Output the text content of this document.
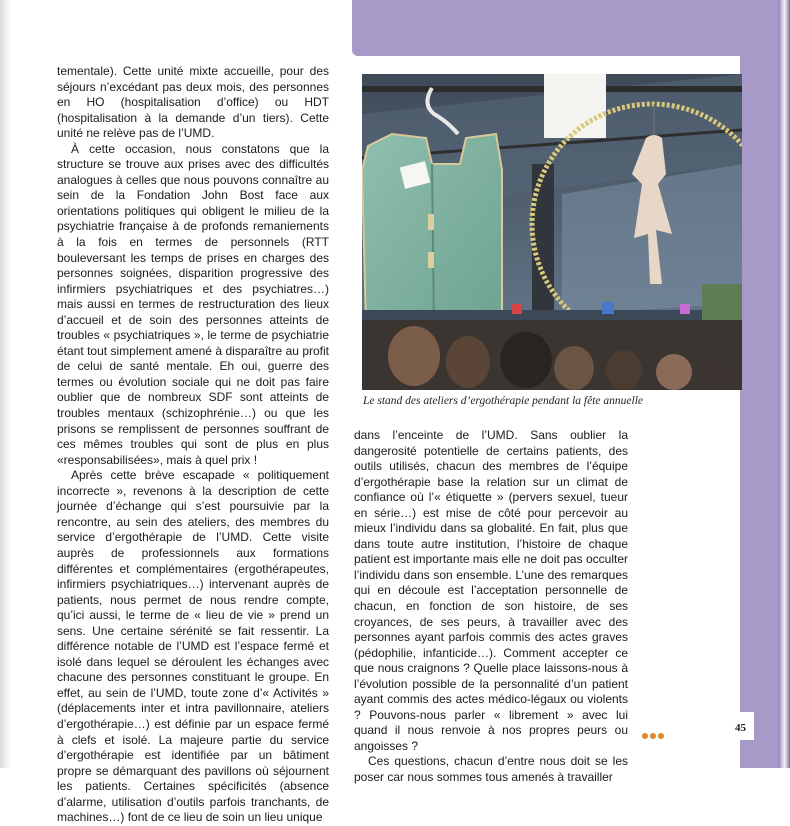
tementale). Cette unité mixte accueille, pour des séjours n’excédant pas deux mois, des personnes en HO (hospitalisation d’office) ou HDT (hospitalisation à la demande d’un tiers). Cette unité ne relève pas de l’UMD.

À cette occasion, nous constatons que la structure se trouve aux prises avec des difficultés analogues à celles que nous pouvons connaître au sein de la Fondation John Bost face aux orientations politiques qui obligent le milieu de la psychiatrie française à de profonds remaniements à la fois en termes de personnels (RTT bouleversant les temps de prises en charges des personnes soignées, disparition progressive des infirmiers psychiatriques et des psychiatres…) mais aussi en termes de restructuration des lieux d’accueil et de soin des personnes atteints de troubles « psychiatriques », le terme de psychiatrie étant tout simplement amené à disparaître au profit de celui de santé mentale. Eh oui, guerre des termes ou évolution sociale qui ne doit pas faire oublier que de nombreux SDF sont atteints de troubles mentaux (schizophrénie…) ou que les prisons se remplissent de personnes souffrant de ces mêmes troubles qui sont de plus en plus «responsabilisées», mais à quel prix !

Après cette brève escapade « politiquement incorrecte », revenons à la description de cette journée d’échange qui s’est poursuivie par la rencontre, au sein des ateliers, des membres du service d’ergothérapie de l’UMD. Cette visite auprès de professionnels aux formations différentes et complémentaires (ergothérapeutes, infirmiers psychiatriques…) intervenant auprès de patients, nous permet de nous rendre compte, qu’ici aussi, le terme de « lieu de vie » prend un sens. Une certaine sérénité se fait ressentir. La différence notable de l’UMD est l’espace fermé et isolé dans lequel se déroulent les échanges avec chacune des personnes constituant le groupe. En effet, au sein de l’UMD, toute zone d’« Activités » (déplacements inter et intra pavillonnaire, ateliers d’ergothérapie…) est définie par un espace fermé à clefs et isolé. La majeure partie du service d’ergothérapie est identifiée par un bâtiment propre se démarquant des pavillons où séjournent les patients. Certaines spécificités (absence d’alarme, utilisation d’outils parfois tranchants, de machines…) font de ce lieu de soin un lieu unique

Le stand des ateliers d’ergothérapie pendant la fête annuelle

dans l’enceinte de l’UMD. Sans oublier la dangerosité potentielle de certains patients, des outils utilisés, chacun des membres de l’équipe d’ergothérapie base la relation sur un climat de confiance où l’« étiquette » (pervers sexuel, tueur en série…) est mise de côté pour percevoir au mieux l’individu dans sa globalité. En fait, plus que dans toute autre institution, l’histoire de chaque patient est importante mais elle ne doit pas occulter l’individu dans son ensemble. L’une des remarques qui en découle est l’acceptation personnelle de chacun, en fonction de son histoire, de ses croyances, de ses peurs, à travailler avec des personnes ayant parfois commis des actes graves (pédophilie, infanticide…). Comment accepter ce que nous craignons ? Quelle place laissons-nous à l’évolution possible de la personnalité d’un patient ayant commis des actes médico-légaux ou violents ? Pouvons-nous parler « librement » avec lui quand il nous renvoie à nos propres peurs ou angoisses ?

Ces questions, chacun d’entre nous doit se les poser car nous sommes tous amenés à travailler

45
